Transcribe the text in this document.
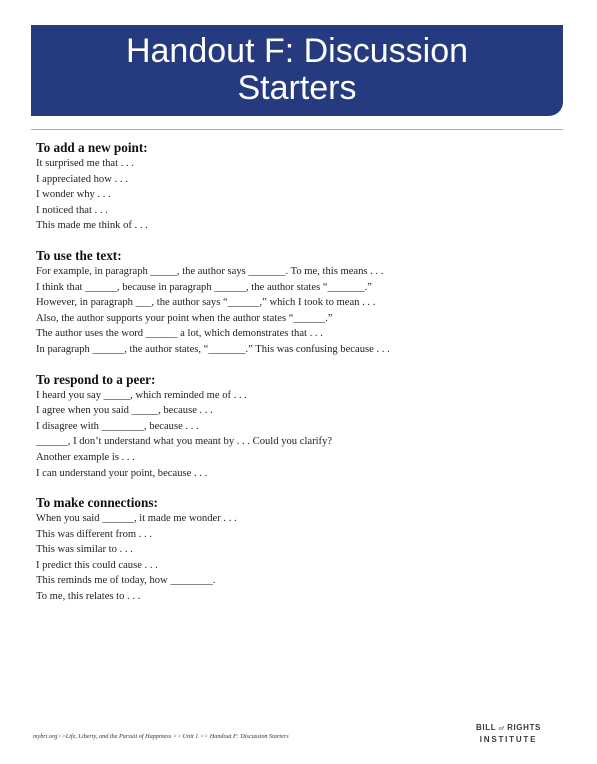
Handout F: Discussion
Starters
To add a new point:
It surprised me that . . .
I appreciated how . . .
I wonder why . . .
I noticed that . . .
This made me think of . . .
To use the text:
For example, in paragraph _____, the author says _______. To me, this means . . .
I think that ______, because in paragraph ______, the author states “_______.”
However, in paragraph ___, the author says “______,” which I took to mean . . .
Also, the author supports your point when the author states “______.”
The author uses the word ______ a lot, which demonstrates that . . .
In paragraph ______, the author states, “_______.” This was confusing because . . .
To respond to a peer:
I heard you say _____, which reminded me of . . .
I agree when you said _____, because . . .
I disagree with ________, because . . .
______, I don’t understand what you meant by . . . Could you clarify?
Another example is . . .
I can understand your point, because . . .
To make connections:
When you said ______, it made me wonder . . .
This was different from . . .
This was similar to . . .
I predict this could cause . . .
This reminds me of today, how ________.
To me, this relates to . . .
mybri.org>>Life, Liberty, and the Pursuit of Happiness >> Unit 1 >> Handout F: Discussion Starters
BILL of RIGHTS
INSTITUTE
